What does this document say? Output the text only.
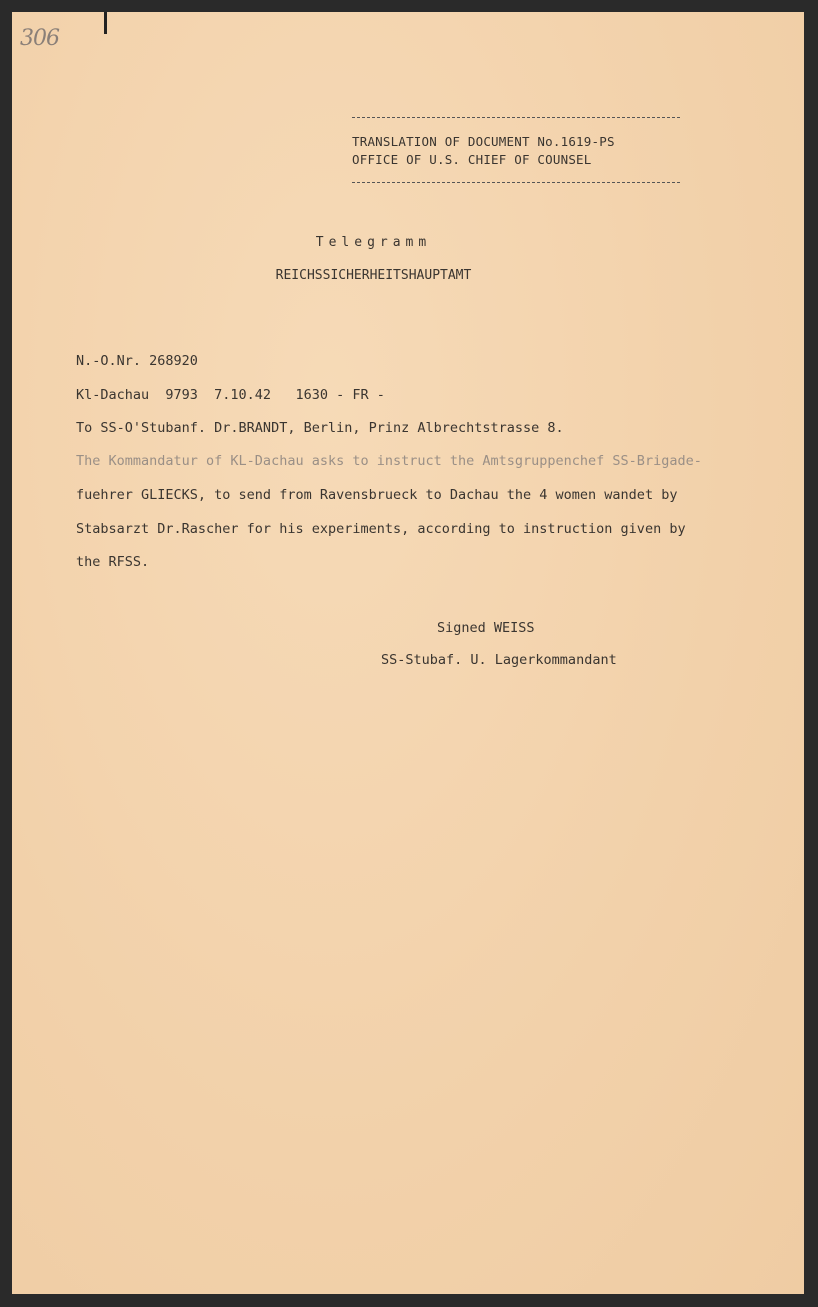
306
TRANSLATION OF DOCUMENT No.1619-PS
OFFICE OF U.S. CHIEF OF COUNSEL
Telegramm
REICHSSICHERHEITSHAUPTAMT
N.-O.Nr. 268920
Kl-Dachau  9793  7.10.42   1630 - FR -
To SS-O'Stubanf. Dr.BRANDT, Berlin, Prinz Albrechtstrasse 8.
The Kommandatur of KL-Dachau asks to instruct the Amtsgruppenchef SS-Brigade-
fuehrer GLIECKS, to send from Ravensbrueck to Dachau the 4 women wandet by
Stabsarzt Dr.Rascher for his experiments, according to instruction given by
the RFSS.
Signed WEISS
SS-Stubaf. U. Lagerkommandant
